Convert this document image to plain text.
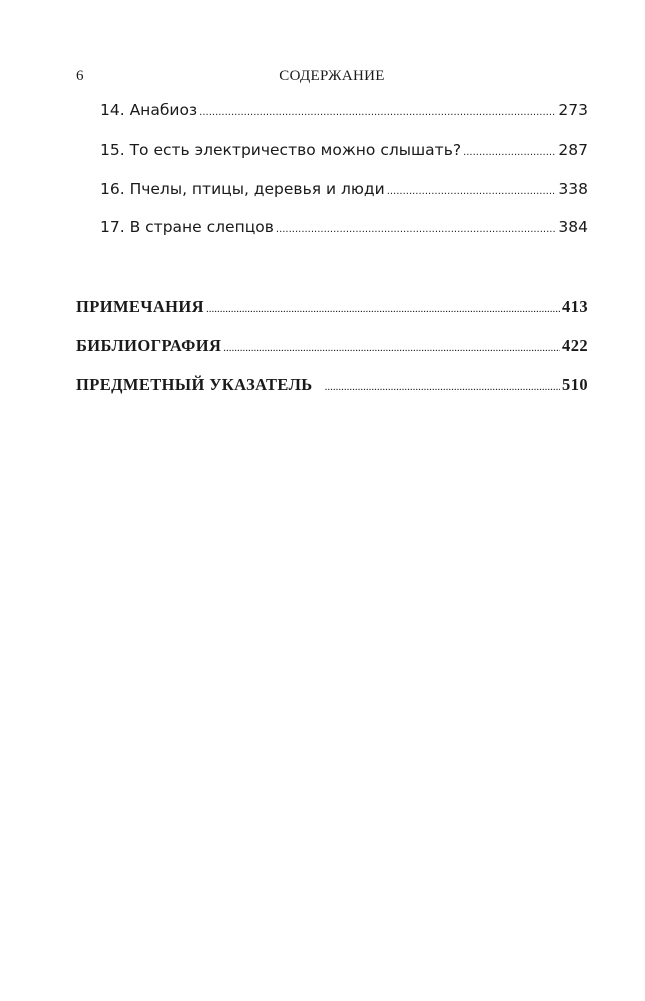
6	СОДЕРЖАНИЕ
14. Анабиоз .....	273
15. То есть электричество можно слышать? .....	287
16. Пчелы, птицы, деревья и люди .....	338
17. В стране слепцов .....	384
ПРИМЕЧАНИЯ .....	413
БИБЛИОГРАФИЯ .....	422
ПРЕДМЕТНЫЙ УКАЗАТЕЛЬ .....	510
